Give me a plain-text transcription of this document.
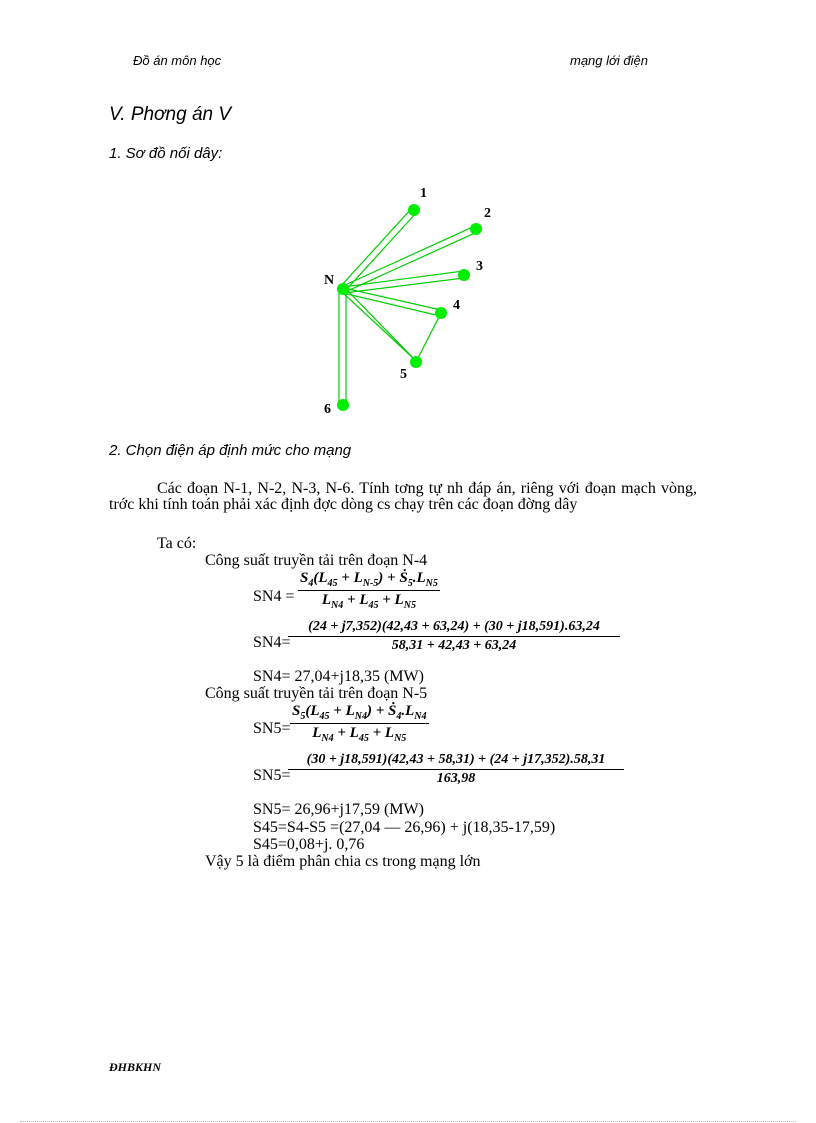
Đồ án môn học	mạng lới điện
V. Phơng án V
1. Sơ đồ nối dây:
N
1
2
3
4
5
6
2. Chọn điện áp định mức cho mạng
Các đoạn N-1, N-2, N-3, N-6. Tính tơng tự nh đáp án, riêng với đoạn mạch vòng, trớc khi tính toán phải xác định đợc dòng cs chạy trên các đoạn đờng dây
Ta có:
Công suất truyền tải trên đoạn N-4
$SN4 = \frac{S_4(L_{45} + L_{N-5}) + Ṡ_5.L_{N5}}{L_{N4} + L_{45} + L_{N5}}$
SN4=
$\frac{(24 + j7,352)(42,43 + 63,24) + (30 + j18,591).63,24}{58,31 + 42,43 + 63,24}$
SN4= 27,04+j18,35 (MW)
Công suất truyền tải trên đoạn N-5
$SN5= \frac{S_5(L_{45} + L_{N4}) + Ṡ_4.L_{N4}}{L_{N4} + L_{45} + L_{N5}}$
SN5=
$\frac{(30 + j18,591)(42,43 + 58,31) + (24 + j17,352).58,31}{163,98}$
SN5= 26,96+j17,59 (MW)
S45=S4-S5 =(27,04 — 26,96) + j(18,35-17,59)
S45=0,08+j. 0,76
Vậy 5 là điểm phân chia cs trong mạng lớn
ĐHBKHN
